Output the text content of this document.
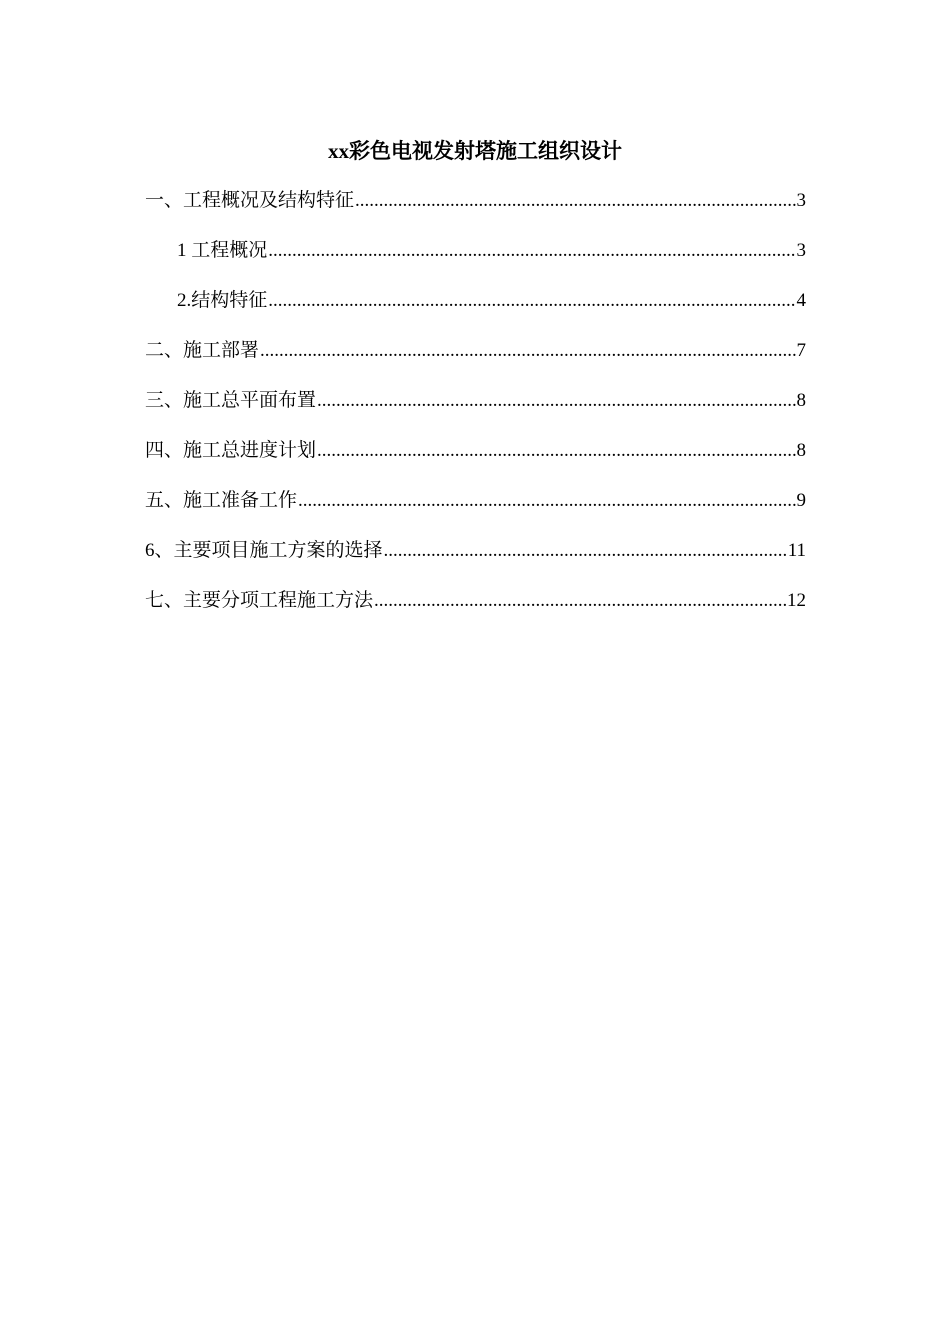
xx彩色电视发射塔施工组织设计
一、工程概况及结构特征 .....	3
1 工程概况 .....	3
2.结构特征 .....	4
二、施工部署 .....	7
三、施工总平面布置 .....	8
四、施工总进度计划 .....	8
五、施工准备工作 .....	9
6、主要项目施工方案的选择 .....	11
七、主要分项工程施工方法 .....	12
